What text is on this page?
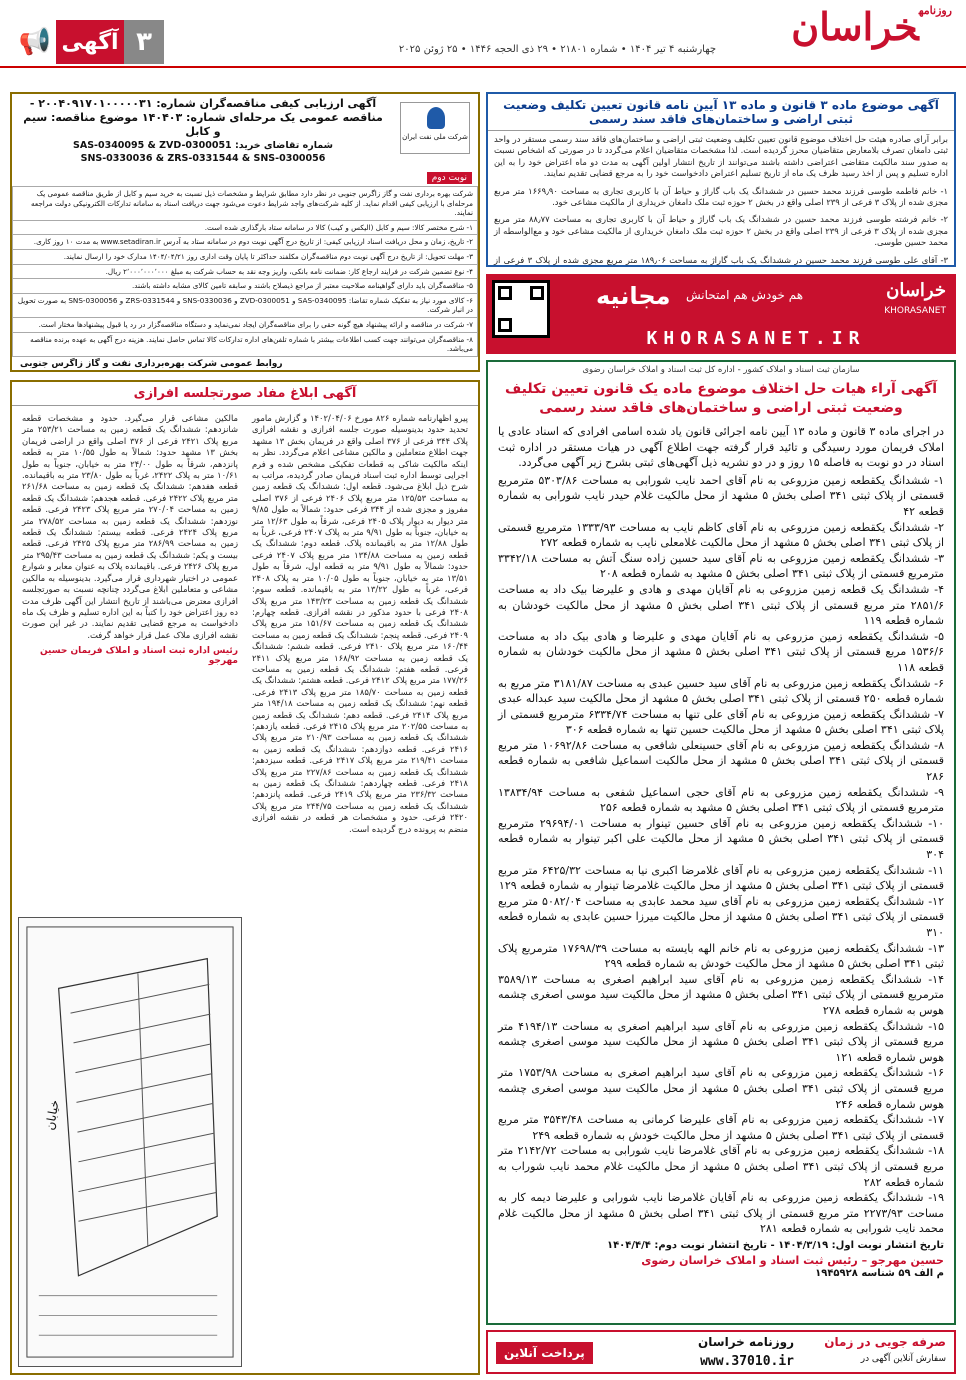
$^{روزنامه}$خراسان
چهارشنبه ۴ تیر ۱۴۰۴ • شماره ۲۱۸۰۱ • ۲۹ ذی الحجه ۱۴۴۶ • ۲۵ ژوئن ۲۰۲۵
۳
آگهی
📢
آگهی موضوع ماده ۳ قانون و ماده ۱۳ آیین نامه قانون تعیین تکلیف وضعیت ثبتی اراضی و ساختمان‌های فاقد سند رسمی
برابر آرای صادره هیئت حل اختلاف موضوع قانون تعیین تکلیف وضعیت ثبتی اراضی و ساختمان‌های فاقد سند رسمی مستقر در واحد ثبتی دامغان تصرف بلامعارض متقاضیان محرز گردیده است. لذا مشخصات متقاضیان اعلام می‌گردد تا در صورتی که اشخاص نسبت به صدور سند مالکیت متقاضی اعتراضی داشته باشند می‌توانند از تاریخ انتشار اولین آگهی به مدت دو ماه اعتراض خود را به این اداره تسلیم و پس از اخذ رسید ظرف یک ماه از تاریخ تسلیم اعتراض دادخواست خود را به مرجع قضایی تقدیم نمایند.
۱- خانم فاطمه طوسی فرزند محمد حسین در ششدانگ یک باب گاراژ و حیاط آن با کاربری تجاری به مساحت ۱۶۶۹٫۹۰ متر مربع مجزی شده از پلاک ۳ فرعی از ۲۳۹ اصلی واقع در بخش ۲ حوزه ثبت ملک دامغان خریداری از مالکیت مشاعی خود.
۲- خانم فرشته طوسی فرزند محمد حسین در ششدانگ یک باب گاراژ و حیاط آن با کاربری تجاری به مساحت ۸۸٫۷۷ متر مربع مجزی شده از پلاک ۳ فرعی از ۲۳۹ اصلی واقع در بخش ۲ حوزه ثبت ملک دامغان خریداری از مالکیت مشاعی خود و مع‌الواسطه از محمد حسین طوسی.
۳- آقای علی طوسی فرزند محمد حسین در ششدانگ یک باب گاراژ به مساحت ۱۸۹٫۰۶ متر مربع مجزی شده از پلاک ۳ فرعی از
هم خودش هم امتحانش
مجانیه	خراسان
KHORASANET
KHORASANET.IR
سازمان ثبت اسناد و املاک کشور - اداره کل ثبت اسناد و املاک خراسان رضوی
آگهی آراء هیات حل اختلاف موضوع ماده یک قانون تعیین تکلیف وضعیت ثبتی اراضی و ساختمان‌های فاقد سند رسمی
در اجرای ماده ۳ قانون و ماده ۱۳ آیین نامه اجرائی قانون یاد شده اسامی افرادی که اسناد عادی یا املاک فریمان مورد رسیدگی و تائید قرار گرفته جهت اطلاع آگهی در هیات مستقر در اداره ثبت اسناد در دو نوبت به فاصله ۱۵ روز و در دو نشریه ذیل آگهی‌های ثبتی بشرح زیر آگهی می‌گردد.
۱- ششدانگ یکقطعه زمین مزروعی به نام آقای احمد نایب شورابی به مساحت ۵۳۰۳/۸۶ مترمربع قسمتی از پلاک ثبتی ۳۴۱ اصلی بخش ۵ مشهد از محل مالکیت غلام حیدر نایب شورابی به شماره قطعه ۴۲
۲- ششدانگ یکقطعه زمین مزروعی به نام آقای کاظم نایب به مساحت ۱۳۳۳/۹۳ مترمربع قسمتی از پلاک ثبتی ۳۴۱ اصلی بخش ۵ مشهد از محل مالکیت غلامعلی نایب به شماره قطعه ۲۷۲
۳- ششدانگ یکقطعه زمین مزروعی به نام آقای سید حسین زاده سنگ آتش به مساحت ۳۳۴۲/۱۸ مترمربع قسمتی از پلاک ثبتی ۳۴۱ اصلی بخش ۵ مشهد به شماره قطعه ۲۰۸
۴- ششدانگ یک قطعه زمین مزروعی به نام آقایان مهدی و هادی و علیرضا بیک داد به مساحت ۲۸۵۱/۶ متر مربع قسمتی از پلاک ثبتی ۳۴۱ اصلی بخش ۵ مشهد از محل مالکیت خودشان به شماره قطعه ۱۱۹
۵- ششدانگ یکقطعه زمین مزروعی به نام آقایان مهدی و علیرضا و هادی بیک داد به مساحت ۱۵۳۶/۶ مربع قسمتی از پلاک ثبتی ۳۴۱ اصلی بخش ۵ مشهد از محل مالکیت خودشان به شماره قطعه ۱۱۸
۶- ششدانگ یکقطعه زمین مزروعی به نام آقای سید حسین عبدی به مساحت ۳۱۸۱/۸۷ متر مربع به شماره قطعه ۲۵۰ قسمتی از پلاک ثبتی ۳۴۱ اصلی بخش ۵ مشهد از محل مالکیت سید عبداله عبدی
۷- ششدانگ یکقطعه زمین مزروعی به نام آقای علی تنها به مساحت ۶۳۳۴/۷۴ مترمربع قسمتی از پلاک ثبتی ۳۴۱ اصلی بخش ۵ مشهد از محل مالکیت حسین تنها به شماره قطعه ۳۰۶
۸- ششدانگ یکقطعه زمین مزروعی به نام آقای حسینعلی شافعی به مساحت ۱۰۶۹۲/۸۶ متر مربع قسمتی از پلاک ثبتی ۳۴۱ اصلی بخش ۵ مشهد از محل مالکیت اسماعیل شافعی به شماره قطعه ۲۸۶
۹- ششدانگ یکقطعه زمین مزروعی به نام آقای حجی اسماعیل شفعی به مساحت ۱۳۸۳۴/۹۴ مترمربع قسمتی از پلاک ثبتی ۳۴۱ اصلی بخش ۵ مشهد به شماره قطعه ۲۵۶
۱۰- ششدانگ یکقطعه زمین مزروعی به نام آقای حسین تینوار به مساحت ۲۹۶۹۴/۰۱ مترمربع قسمتی از پلاک ثبتی ۳۴۱ اصلی بخش ۵ مشهد از محل مالکیت علی اکبر تینوار به شماره قطعه ۳۰۴
۱۱- ششدانگ یکقطعه زمین مزروعی به نام آقای غلامرضا اکبری نیا به مساحت ۶۴۲۵/۳۲ متر مربع قسمتی از پلاک ثبتی ۳۴۱ اصلی بخش ۵ مشهد از محل مالکیت غلامرضا تینوار به شماره قطعه ۱۲۹
۱۲- ششدانگ یکقطعه زمین مزروعی به نام آقای سید محمد عابدی به مساحت ۵۰۸۲/۰۴ متر مربع قسمتی از پلاک ثبتی ۳۴۱ اصلی بخش ۵ مشهد از محل مالکیت میرزا حسین عابدی به شماره قطعه ۳۱۰
۱۳- ششدانگ یکقطعه زمین مزروعی به نام خانم الهه بایسته به مساحت ۱۷۶۹۸/۳۹ مترمربع پلاک ثبتی ۳۴۱ اصلی بخش ۵ مشهد از محل مالکیت خودش به شماره قطعه ۲۹۹
۱۴- ششدانگ یکقطعه زمین مزروعی به نام آقای سید ابراهیم اصغری به مساحت ۳۵۸۹/۱۳ مترمربع قسمتی از پلاک ثبتی ۳۴۱ اصلی بخش ۵ مشهد از محل مالکیت سید موسی اصغری چشمه هوس به شماره قطعه ۲۷۸
۱۵- ششدانگ یکقطعه زمین مزروعی به نام آقای سید ابراهیم اصغری به مساحت ۴۱۹۴/۱۳ متر مربع قسمتی از پلاک ثبتی ۳۴۱ اصلی بخش ۵ مشهد از محل مالکیت سید موسی اصغری چشمه هوس شماره قطعه ۱۲۱
۱۶- ششدانگ یکقطعه زمین مزروعی به نام آقای سید ابراهیم اصغری به مساحت ۱۷۵۳/۹۸ متر مربع قسمتی از پلاک ثبتی ۳۴۱ اصلی بخش ۵ مشهد از محل مالکیت سید موسی اصغری چشمه هوس شماره قطعه ۲۴۶
۱۷- ششدانگ یکقطعه زمین مزروعی به نام آقای علیرضا کرمانی به مساحت ۳۵۴۳/۴۸ متر مربع قسمتی از پلاک ثبتی ۳۴۱ اصلی بخش ۵ مشهد از محل مالکیت خودش به شماره قطعه ۲۴۹
۱۸- ششدانگ یکقطعه زمین مزروعی به نام آقای غلامرضا نایب شورابی به مساحت ۲۱۴۲/۷۲ متر مربع قسمتی از پلاک ثبتی ۳۴۱ اصلی بخش ۵ مشهد از محل مالکیت غلام محمد نایب شوراب به شماره قطعه ۲۸۲
۱۹- ششدانگ یکقطعه زمین مزروعی به نام آقایان غلامرضا نایب شورابی و علیرضا دیمه کار به مساحت ۲۲۷۳/۹۳ متر مربع قسمتی از پلاک ثبتی ۳۴۱ اصلی بخش ۵ مشهد از محل مالکیت غلام محمد نایب شورابی به شماره قطعه ۲۸۱
تاریخ انتشار نوبت اول: ۱۴۰۴/۳/۱۹ - تاریخ انتشار نوبت دوم: ۱۴۰۴/۴/۴
حسین مهرجو – رئیس ثبت اسناد و املاک خراسان رضوی
م الف ۵۹ شناسه ۱۹۴۵۹۲۸
صرفه جویی در زمان
سفارش آنلاین آگهی در
روزنامه خراسان
www.37010.ir
پرداخت آنلاین
شرکت ملی نفت ایران
آگهی ارزیابی کیفی مناقصه‌گران شماره: ۲۰۰۴۰۹۱۷۰۱۰۰۰۰۰۳۱ - مناقصه عمومی یک مرحله‌ای شماره: ۱۴۰۴۰۳ موضوع مناقصه: سیم و کابل
شماره تقاضای خرید: SAS-0340095 & ZVD-0300051
SNS-0330036 & ZRS-0331544 & SNS-0300056
نوبت دوم
شرکت بهره برداری نفت و گاز زاگرس جنوبی در نظر دارد مطابق شرایط و مشخصات ذیل نسبت به خرید سیم و کابل از طریق مناقصه عمومی یک مرحله‌ای با ارزیابی کیفی اقدام نماید. از کلیه شرکت‌های واجد شرایط دعوت می‌شود جهت دریافت اسناد به سامانه تدارکات الکترونیکی دولت مراجعه نمایند.
۱- شرح مختصر کالا: سیم و کابل (الیکس و کیب) کالا در سامانه ستاد بارگذاری شده است.
۲- تاریخ، زمان و محل دریافت اسناد ارزیابی کیفی: از تاریخ درج آگهی نوبت دوم در سامانه ستاد به آدرس www.setadiran.ir به مدت ۱۰ روز کاری.
۳- مهلت تحویل: از تاریخ درج آگهی نوبت دوم مناقصه‌گران مکلفند حداکثر تا پایان وقت اداری روز ۱۴۰۴/۰۴/۲۱ مدارک خود را ارسال نمایند.
۴- نوع تضمین شرکت در فرایند ارجاع کار: ضمانت نامه بانکی، واریز وجه نقد به حساب شرکت به مبلغ ۲٬۰۰۰٬۰۰۰٬۰۰۰ ریال.
۵- مناقصه‌گران باید دارای گواهینامه صلاحیت معتبر از مراجع ذیصلاح باشند و سابقه تامین کالای مشابه داشته باشند.
۶- کالای مورد نیاز به تفکیک شماره تقاضا: SAS-0340095 و ZVD-0300051 و SNS-0330036 و ZRS-0331544 و SNS-0300056 به صورت تحویل در انبار شرکت.
۷- شرکت در مناقصه و ارائه پیشنهاد هیچ گونه حقی را برای مناقصه‌گران ایجاد نمی‌نماید و دستگاه مناقصه‌گزار در رد یا قبول پیشنهادها مختار است.
۸- مناقصه‌گران می‌توانند جهت کسب اطلاعات بیشتر با شماره تلفن‌های اداره تدارکات کالا تماس حاصل نمایند. هزینه درج آگهی به عهده برنده مناقصه می‌باشد.
روابط عمومی شرکت بهره‌برداری نفت و گاز زاگرس جنوبی
آگهی ابلاغ مفاد صورتجلسه افرازی
پیرو اظهارنامه شماره ۸۲۶ مورخ ۱۴۰۲/۰۴/۰۶ و گزارش مامور تحدید حدود بدینوسیله صورت جلسه افرازی و نقشه افرازی پلاک ۳۴۴ فرعی از ۳۷۶ اصلی واقع در فریمان بخش ۱۳ مشهد جهت اطلاع متعاملین و مالکین مشاعی اعلام می‌گردد. نظر به اینکه مالکیت شاکی به قطعات تفکیکی مشخص شده و فرم اجرایی توسط اداره ثبت اسناد فریمان صادر گردیده، مراتب به شرح ذیل ابلاغ می‌شود. قطعه اول: ششدانگ یک قطعه زمین به مساحت ۱۲۵/۵۳ متر مربع پلاک ۲۴۰۶ فرعی از ۳۷۶ اصلی مفروز و مجزی شده از ۳۴۴ فرعی حدود: شمالاً به طول ۹/۸۵ متر دیوار به دیوار پلاک ۲۴۰۵ فرعی، شرقاً به طول ۱۲/۶۳ متر به خیابان، جنوباً به طول ۹/۹۱ متر به پلاک ۲۴۰۷ فرعی، غرباً به طول ۱۲/۸۸ متر به باقیمانده پلاک. قطعه دوم: ششدانگ یک قطعه زمین به مساحت ۱۳۴/۸۸ متر مربع پلاک ۲۴۰۷ فرعی حدود: شمالاً به طول ۹/۹۱ متر به قطعه اول، شرقاً به طول ۱۳/۵۱ متر به خیابان، جنوباً به طول ۱۰/۰۵ متر به پلاک ۲۴۰۸ فرعی، غرباً به طول ۱۳/۲۲ متر به باقیمانده. قطعه سوم: ششدانگ یک قطعه زمین به مساحت ۱۴۳/۲۳ متر مربع پلاک ۲۴۰۸ فرعی با حدود مذکور در نقشه افرازی. قطعه چهارم: ششدانگ یک قطعه زمین به مساحت ۱۵۱/۶۷ متر مربع پلاک ۲۴۰۹ فرعی. قطعه پنجم: ششدانگ یک قطعه زمین به مساحت ۱۶۰/۴۴ متر مربع پلاک ۲۴۱۰ فرعی. قطعه ششم: ششدانگ یک قطعه زمین به مساحت ۱۶۸/۹۲ متر مربع پلاک ۲۴۱۱ فرعی. قطعه هفتم: ششدانگ یک قطعه زمین به مساحت ۱۷۷/۲۶ متر مربع پلاک ۲۴۱۲ فرعی. قطعه هشتم: ششدانگ یک قطعه زمین به مساحت ۱۸۵/۷۰ متر مربع پلاک ۲۴۱۳ فرعی. قطعه نهم: ششدانگ یک قطعه زمین به مساحت ۱۹۴/۱۸ متر مربع پلاک ۲۴۱۴ فرعی. قطعه دهم: ششدانگ یک قطعه زمین به مساحت ۲۰۲/۵۵ متر مربع پلاک ۲۴۱۵ فرعی. قطعه یازدهم: ششدانگ یک قطعه زمین به مساحت ۲۱۰/۹۳ متر مربع پلاک ۲۴۱۶ فرعی. قطعه دوازدهم: ششدانگ یک قطعه زمین به مساحت ۲۱۹/۴۱ متر مربع پلاک ۲۴۱۷ فرعی. قطعه سیزدهم: ششدانگ یک قطعه زمین به مساحت ۲۲۷/۸۶ متر مربع پلاک ۲۴۱۸ فرعی. قطعه چهاردهم: ششدانگ یک قطعه زمین به مساحت ۲۳۶/۳۲ متر مربع پلاک ۲۴۱۹ فرعی. قطعه پانزدهم: ششدانگ یک قطعه زمین به مساحت ۲۴۴/۷۵ متر مربع پلاک ۲۴۲۰ فرعی. حدود و مشخصات هر قطعه در نقشه افرازی منضم به پرونده درج گردیده است.
مالکین مشاعی قرار می‌گیرد. حدود و مشخصات قطعه شانزدهم: ششدانگ یک قطعه زمین به مساحت ۲۵۳/۲۱ متر مربع پلاک ۲۴۲۱ فرعی از ۳۷۶ اصلی واقع در اراضی فریمان بخش ۱۳ مشهد حدود: شمالاً به طول ۱۰/۵۵ متر به قطعه پانزدهم، شرقاً به طول ۲۴/۰۰ متر به خیابان، جنوباً به طول ۱۰/۶۱ متر به پلاک ۲۴۲۲، غرباً به طول ۲۳/۸۰ متر به باقیمانده. قطعه هفدهم: ششدانگ یک قطعه زمین به مساحت ۲۶۱/۶۸ متر مربع پلاک ۲۴۲۲ فرعی. قطعه هجدهم: ششدانگ یک قطعه زمین به مساحت ۲۷۰/۰۴ متر مربع پلاک ۲۴۲۳ فرعی. قطعه نوزدهم: ششدانگ یک قطعه زمین به مساحت ۲۷۸/۵۲ متر مربع پلاک ۲۴۲۴ فرعی. قطعه بیستم: ششدانگ یک قطعه زمین به مساحت ۲۸۶/۹۹ متر مربع پلاک ۲۴۲۵ فرعی. قطعه بیست و یکم: ششدانگ یک قطعه زمین به مساحت ۲۹۵/۴۳ متر مربع پلاک ۲۴۲۶ فرعی. باقیمانده پلاک به عنوان معابر و شوارع عمومی در اختیار شهرداری قرار می‌گیرد. بدینوسیله به مالکین مشاعی و متعاملین ابلاغ می‌گردد چنانچه نسبت به صورتجلسه افرازی معترض می‌باشند از تاریخ انتشار این آگهی ظرف مدت ده روز اعتراض خود را کتباً به این اداره تسلیم و ظرف یک ماه دادخواست به مرجع قضایی تقدیم نمایند. در غیر این صورت نقشه افرازی ملاک عمل قرار خواهد گرفت.
رئیس اداره ثبت اسناد و املاک فریمان حسین مهرجو
خیابان
